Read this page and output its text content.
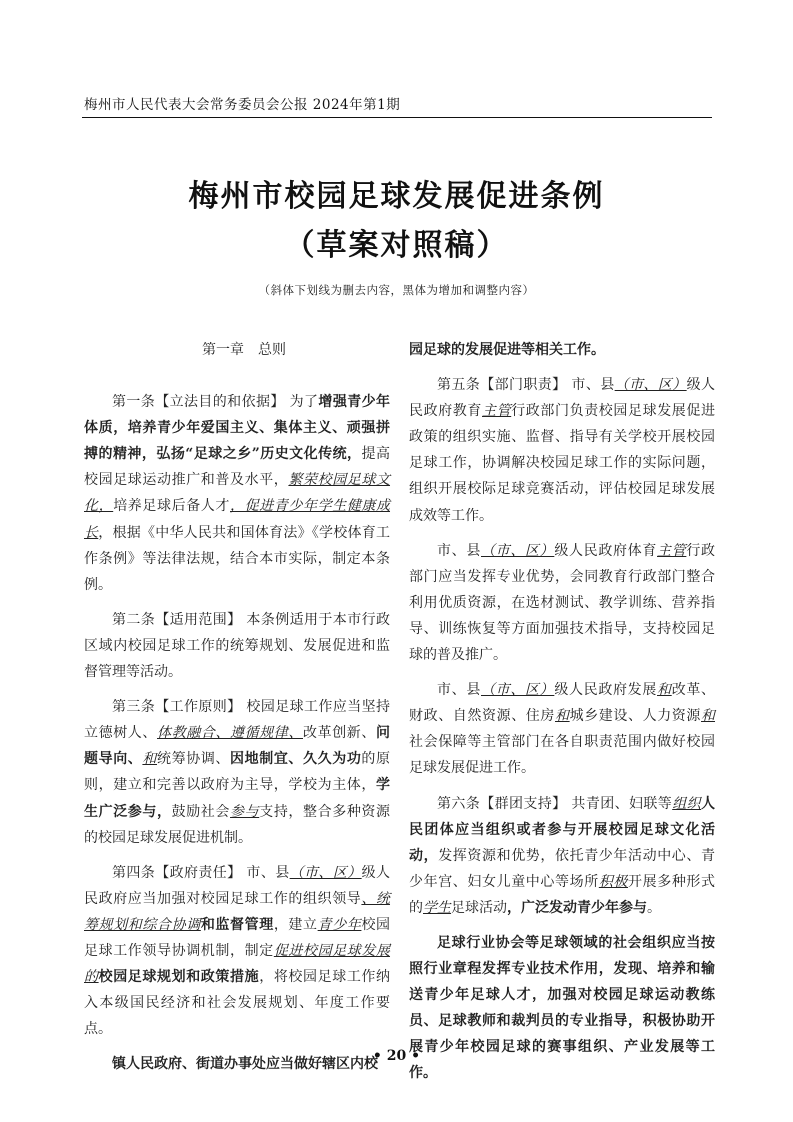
梅州市人民代表大会常务委员会公报 2024年第1期
梅州市校园足球发展促进条例
（草案对照稿）
（斜体下划线为删去内容，黑体为增加和调整内容）

第一章　总则

第一条【立法目的和依据】 为了增强青少年体质，培养青少年爱国主义、集体主义、顽强拼搏的精神，弘扬“足球之乡”历史文化传统，提高校园足球运动推广和普及水平，繁荣校园足球文化，培养足球后备人才，促进青少年学生健康成长，根据《中华人民共和国体育法》《学校体育工作条例》等法律法规，结合本市实际，制定本条例。

第二条【适用范围】 本条例适用于本市行政区域内校园足球工作的统筹规划、发展促进和监督管理等活动。

第三条【工作原则】 校园足球工作应当坚持立德树人、体教融合、遵循规律、改革创新、问题导向、和统筹协调、因地制宜、久久为功的原则，建立和完善以政府为主导，学校为主体，学生广泛参与，鼓励社会参与支持，整合多种资源的校园足球发展促进机制。

第四条【政府责任】 市、县（市、区）级人民政府应当加强对校园足球工作的组织领导、统筹规划和综合协调和监督管理，建立青少年校园足球工作领导协调机制，制定促进校园足球发展的校园足球规划和政策措施，将校园足球工作纳入本级国民经济和社会发展规划、年度工作要点。

镇人民政府、街道办事处应当做好辖区内校

园足球的发展促进等相关工作。

第五条【部门职责】 市、县（市、区）级人民政府教育主管行政部门负责校园足球发展促进政策的组织实施、监督、指导有关学校开展校园足球工作，协调解决校园足球工作的实际问题，组织开展校际足球竞赛活动，评估校园足球发展成效等工作。

市、县（市、区）级人民政府体育主管行政部门应当发挥专业优势，会同教育行政部门整合利用优质资源，在选材测试、教学训练、营养指导、训练恢复等方面加强技术指导，支持校园足球的普及推广。

市、县（市、区）级人民政府发展和改革、财政、自然资源、住房和城乡建设、人力资源和社会保障等主管部门在各自职责范围内做好校园足球发展促进工作。

第六条【群团支持】 共青团、妇联等组织人民团体应当组织或者参与开展校园足球文化活动，发挥资源和优势，依托青少年活动中心、青少年宫、妇女儿童中心等场所积极开展多种形式的学生足球活动，广泛发动青少年参与。

足球行业协会等足球领域的社会组织应当按照行业章程发挥专业技术作用，发现、培养和输送青少年足球人才，加强对校园足球运动教练员、足球教师和裁判员的专业指导，积极协助开展青少年校园足球的赛事组织、产业发展等工作。

• 20 •
